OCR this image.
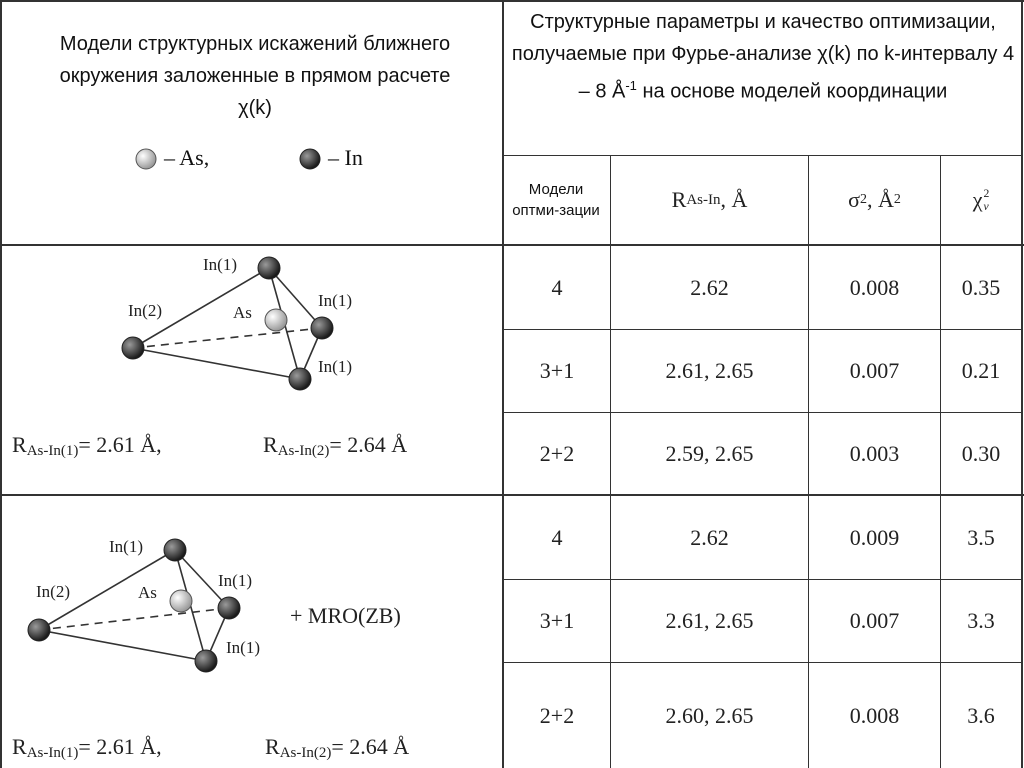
Модели структурных искажений ближнего окружения заложенные в прямом расчете χ(k)
– As,	– In
Структурные параметры и качество оптимизации, получаемые при Фурье-анализе χ(k) по k-интервалу 4 – 8 $Å^{-1}$ на основе моделей координации
Модели оптми-зации	R As-In , Å	σ 2 , Å 2	χ 2
ν
In(1)
In(2)	As
In(1)
In(1)
$R_{As-In(1)}= 2.61$ Å,	$R_{As-In(2)}= 2.64$ Å
In(1)
In(2)	As
In(1)
In(1)
+ MRO(ZB)
$R_{As-In(1)}= 2.61$ Å,	$R_{As-In(2)}= 2.64$ Å
4	2.62	0.008	0.35
3+1	2.61, 2.65	0.007	0.21
2+2	2.59, 2.65	0.003	0.30
4	2.62	0.009	3.5
3+1	2.61, 2.65	0.007	3.3
2+2	2.60, 2.65	0.008	3.6
